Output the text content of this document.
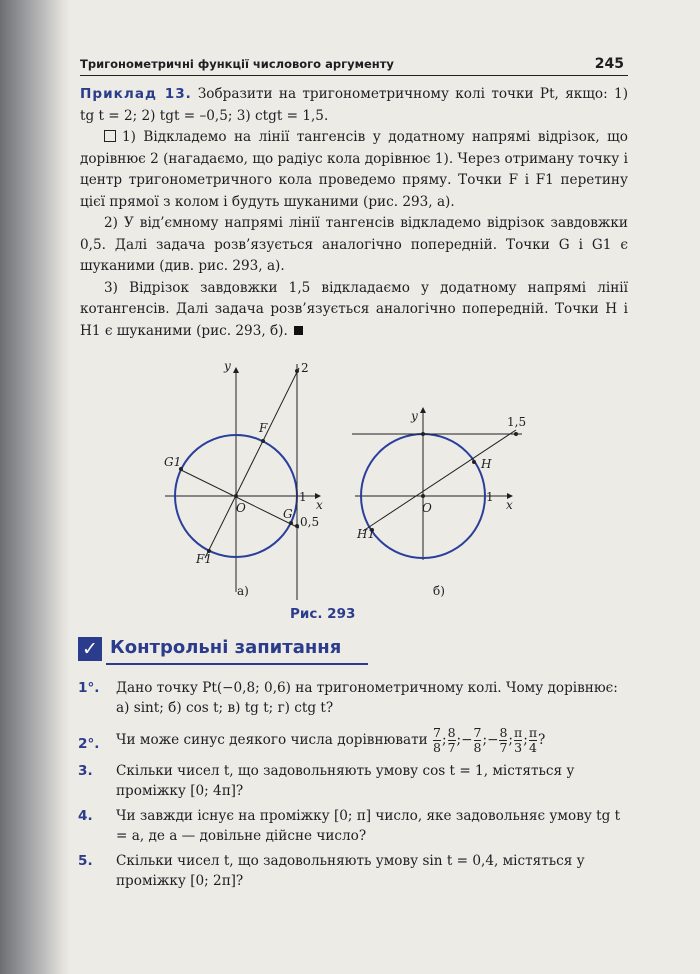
Тригонометричні функції числового аргументу	245

Приклад 13. Зобразити на тригонометричному колі точки Pt, якщо: 1) tg t = 2; 2) tgt = –0,5; 3) ctgt = 1,5.

1) Відкладемо на лінії тангенсів у додатному напрямі відрізок, що дорівнює 2 (нагадаємо, що радіус кола дорівнює 1). Через отриману точку і центр тригонометричного кола проведемо пряму. Точки F і F1 перетину цієї прямої з колом і будуть шуканими (рис. 293, а).

2) У від’ємному напрямі лінії тангенсів відкладемо відрізок завдовжки 0,5. Далі задача розв’язується аналогічно попередній. Точки G і G1 є шуканими (див. рис. 293, а).

3) Відрізок завдовжки 1,5 відкладаємо у додатному напрямі лінії котангенсів. Далі задача розв’язується аналогічно попередній. Точки H і H1 є шуканими (рис. 293, б).

y
x
O
1
2
0,5
F
F1
G
G1
а)
y
x
O
1
1,5
H
H1
б)
Рис. 293
✓ Контрольні запитання
1°. Дано точку Pt(−0,8; 0,6) на тригонометричному колі. Чому дорівнює: а) sint; б) cos t; в) tg t; г) ctg t?
2°. Чи може синус деякого числа дорівнювати $\frac{7}{8}$ ; $\frac{8}{7}$ ;− $\frac{7}{8}$ ;− $\frac{8}{7}$ ; $\frac{\pi}{3}$ ; $\frac{\pi}{4}$ ?
3. Скільки чисел t, що задовольняють умову cos t = 1, містяться у проміжку [0; 4π]?
4. Чи завжди існує на проміжку [0; π] число, яке задовольняє умову tg t = a, де a — довільне дійсне число?
5. Скільки чисел t, що задовольняють умову sin t = 0,4, містяться у проміжку [0; 2π]?
